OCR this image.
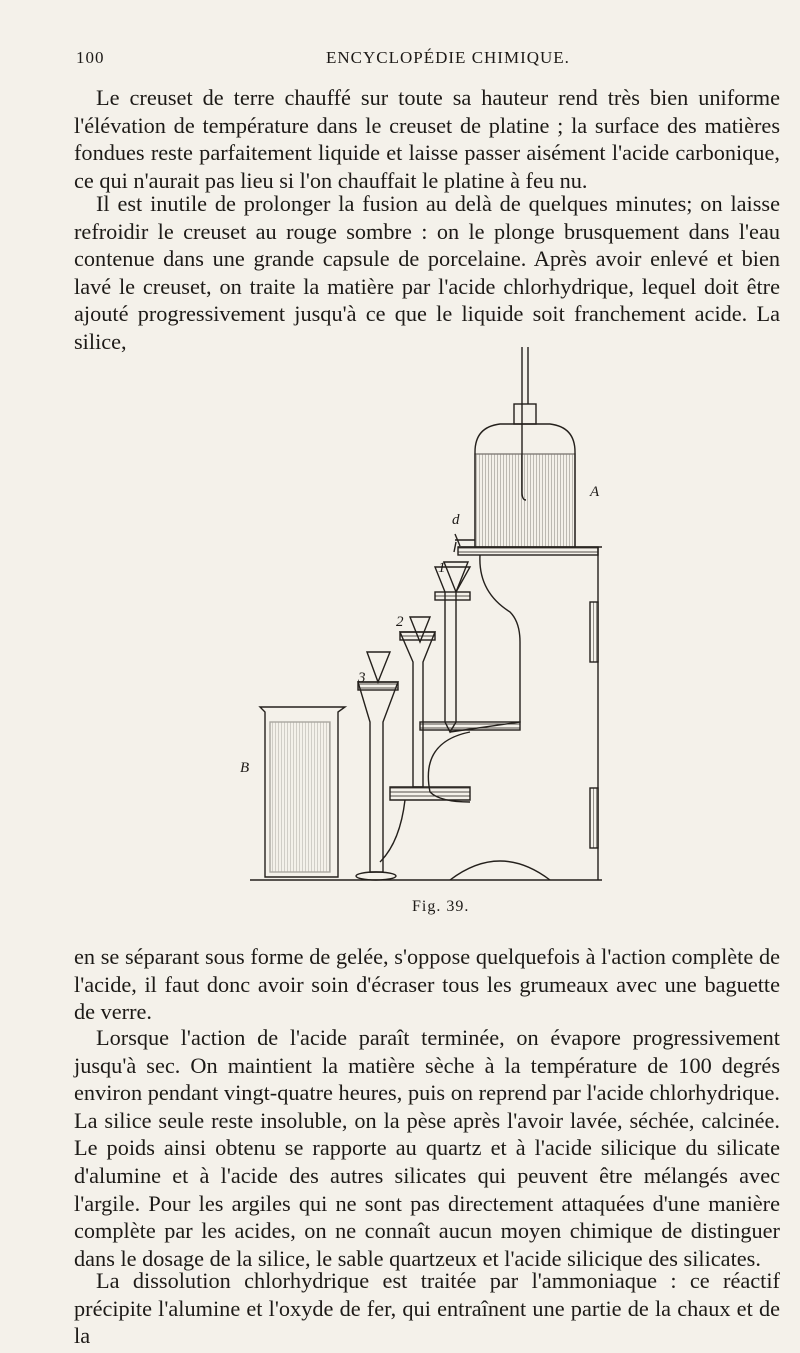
100	ENCYCLOPÉDIE CHIMIQUE.
Le creuset de terre chauffé sur toute sa hauteur rend très bien uniforme l'élévation de température dans le creuset de platine ; la surface des matières fondues reste parfaitement liquide et laisse passer aisément l'acide carbonique, ce qui n'aurait pas lieu si l'on chauffait le platine à feu nu.
Il est inutile de prolonger la fusion au delà de quelques minutes; on laisse refroidir le creuset au rouge sombre : on le plonge brusquement dans l'eau contenue dans une grande capsule de porcelaine. Après avoir enlevé et bien lavé le creuset, on traite la matière par l'acide chlorhydrique, lequel doit être ajouté progressivement jusqu'à ce que le liquide soit franchement acide. La silice,
A
B
d
1
2
3
Fig. 39.
en se séparant sous forme de gelée, s'oppose quelquefois à l'action complète de l'acide, il faut donc avoir soin d'écraser tous les grumeaux avec une baguette de verre.
Lorsque l'action de l'acide paraît terminée, on évapore progressivement jusqu'à sec. On maintient la matière sèche à la température de 100 degrés environ pendant vingt-quatre heures, puis on reprend par l'acide chlorhydrique. La silice seule reste insoluble, on la pèse après l'avoir lavée, séchée, calcinée. Le poids ainsi obtenu se rapporte au quartz et à l'acide silicique du silicate d'alumine et à l'acide des autres silicates qui peuvent être mélangés avec l'argile. Pour les argiles qui ne sont pas directement attaquées d'une manière complète par les acides, on ne connaît aucun moyen chimique de distinguer dans le dosage de la silice, le sable quartzeux et l'acide silicique des silicates.
La dissolution chlorhydrique est traitée par l'ammoniaque : ce réactif précipite l'alumine et l'oxyde de fer, qui entraînent une partie de la chaux et de la
